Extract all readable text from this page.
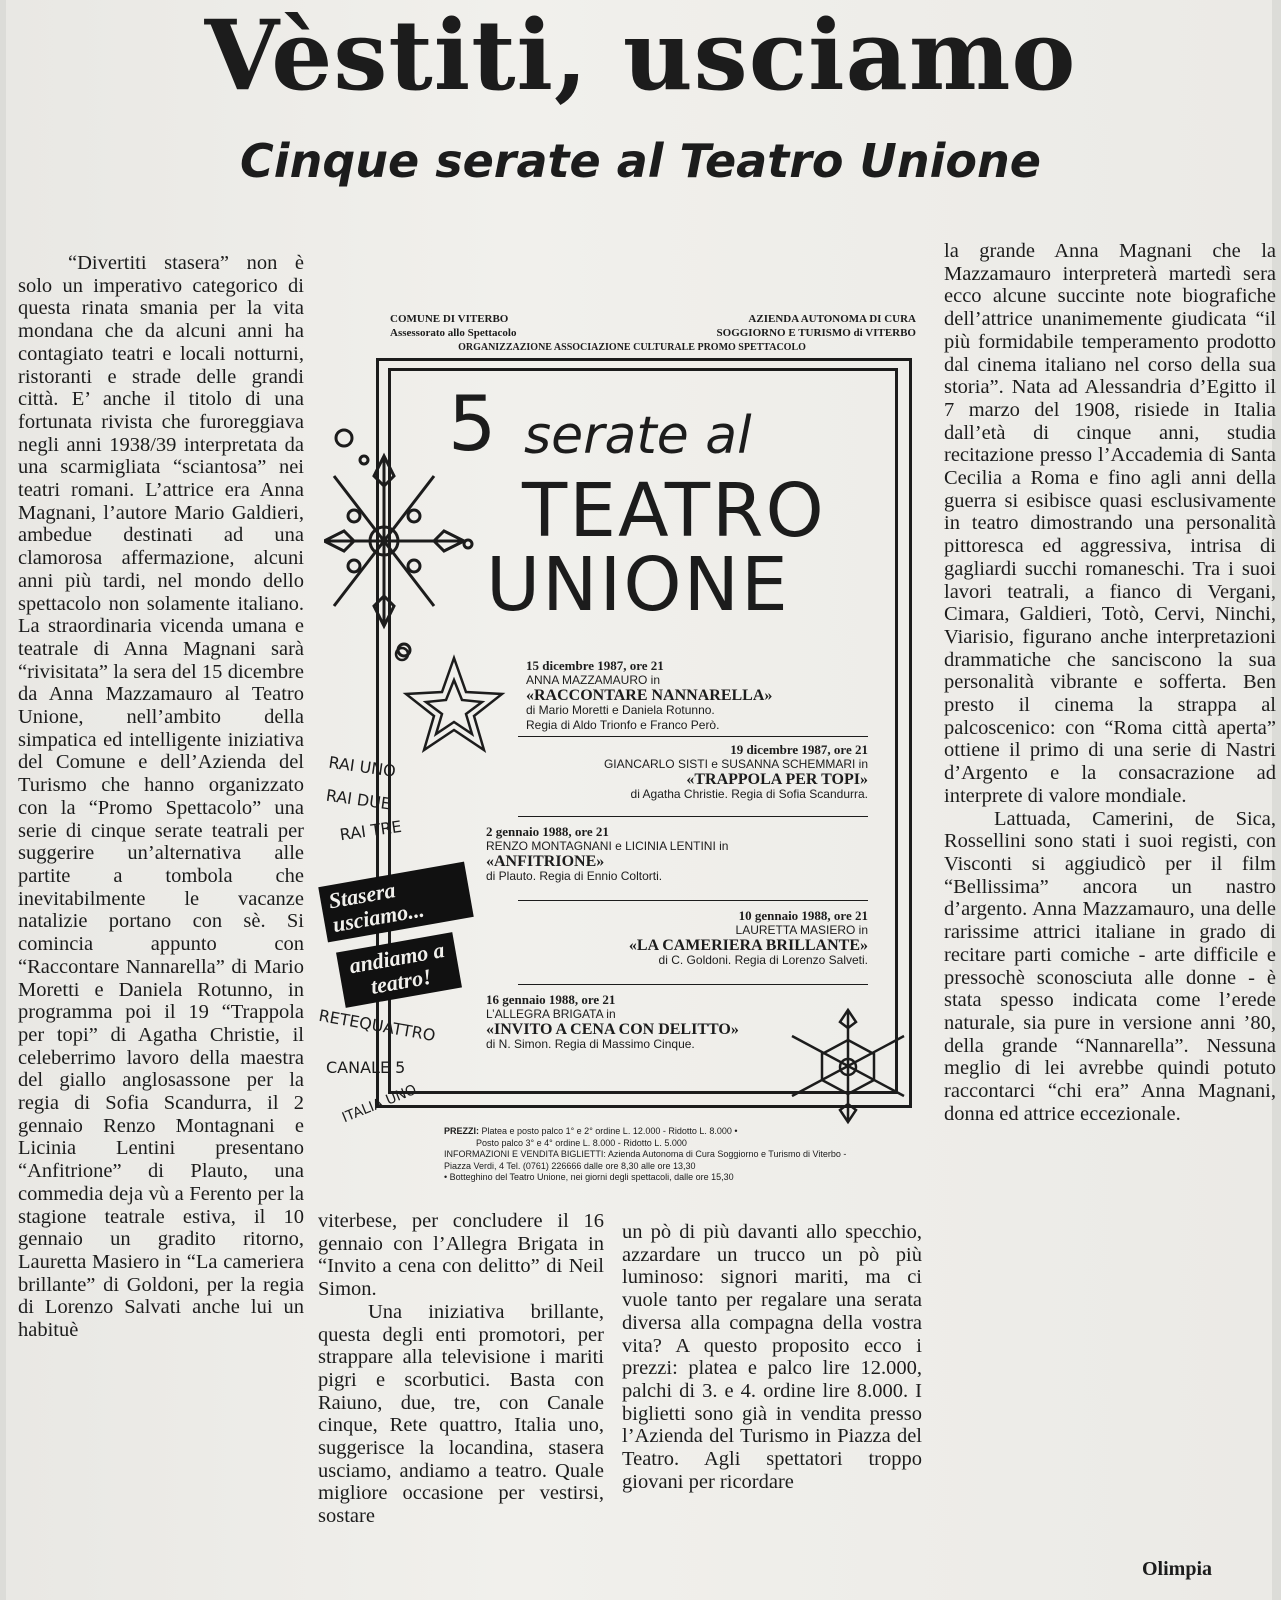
Vèstiti, usciamo
Cinque serate al Teatro Unione

“Divertiti stasera” non è solo un imperativo categorico di questa rinata smania per la vita mondana che da alcuni anni ha contagiato teatri e locali notturni, ristoranti e strade delle grandi città. E’ anche il titolo di una fortunata rivista che furoreggiava negli anni 1938/39 interpretata da una scarmigliata “sciantosa” nei teatri romani. L’attrice era Anna Magnani, l’autore Mario Galdieri, ambedue destinati ad una clamorosa affermazione, alcuni anni più tardi, nel mondo dello spettacolo non solamente italiano. La straordinaria vicenda umana e teatrale di Anna Magnani sarà “rivisitata” la sera del 15 dicembre da Anna Mazzamauro al Teatro Unione, nell’ambito della simpatica ed intelligente iniziativa del Comune e dell’Azienda del Turismo che hanno organizzato con la “Promo Spettacolo” una serie di cinque serate teatrali per suggerire un’alternativa alle partite a tombola che inevitabilmente le vacanze natalizie portano con sè. Si comincia appunto con “Raccontare Nannarella” di Mario Moretti e Daniela Rotunno, in programma poi il 19 “Trappola per topi” di Agatha Christie, il celeberrimo lavoro della maestra del giallo anglosassone per la regia di Sofia Scandurra, il 2 gennaio Renzo Montagnani e Licinia Lentini presentano “Anfitrione” di Plauto, una commedia deja vù a Ferento per la stagione teatrale estiva, il 10 gennaio un gradito ritorno, Lauretta Masiero in “La cameriera brillante” di Goldoni, per la regia di Lorenzo Salvati anche lui un habituè

viterbese, per concludere il 16 gennaio con l’Allegra Brigata in “Invito a cena con delitto” di Neil Simon.

Una iniziativa brillante, questa degli enti promotori, per strappare alla televisione i mariti pigri e scorbutici. Basta con Raiuno, due, tre, con Canale cinque, Rete quattro, Italia uno, suggerisce la locandina, stasera usciamo, andiamo a teatro. Quale migliore occasione per vestirsi, sostare

un pò di più davanti allo specchio, azzardare un trucco un pò più luminoso: signori mariti, ma ci vuole tanto per regalare una serata diversa alla compagna della vostra vita? A questo proposito ecco i prezzi: platea e palco lire 12.000, palchi di 3. e 4. ordine lire 8.000. I biglietti sono già in vendita presso l’Azienda del Turismo in Piazza del Teatro. Agli spettatori troppo giovani per ricordare

la grande Anna Magnani che la Mazzamauro interpreterà martedì sera ecco alcune succinte note biografiche dell’attrice unanimemente giudicata “il più formidabile temperamento prodotto dal cinema italiano nel corso della sua storia”. Nata ad Alessandria d’Egitto il 7 marzo del 1908, risiede in Italia dall’età di cinque anni, studia recitazione presso l’Accademia di Santa Cecilia a Roma e fino agli anni della guerra si esibisce quasi esclusivamente in teatro dimostrando una personalità pittoresca ed aggressiva, intrisa di gagliardi succhi romaneschi. Tra i suoi lavori teatrali, a fianco di Vergani, Cimara, Galdieri, Totò, Cervi, Ninchi, Viarisio, figurano anche interpretazioni drammatiche che sanciscono la sua personalità vibrante e sofferta. Ben presto il cinema la strappa al palcoscenico: con “Roma città aperta” ottiene il primo di una serie di Nastri d’Argento e la consacrazione ad interprete di valore mondiale.

Lattuada, Camerini, de Sica, Rossellini sono stati i suoi registi, con Visconti si aggiudicò per il film “Bellissima” ancora un nastro d’argento. Anna Mazzamauro, una delle rarissime attrici italiane in grado di recitare parti comiche - arte difficile e pressochè sconosciuta alle donne - è stata spesso indicata come l’erede naturale, sia pure in versione anni ’80, della grande “Nannarella”. Nessuna meglio di lei avrebbe quindi potuto raccontarci “chi era” Anna Magnani, donna ed attrice eccezionale.

Olimpia
COMUNE DI VITERBO
Assessorato allo Spettacolo
AZIENDA AUTONOMA DI CURA
SOGGIORNO E TURISMO di VITERBO
ORGANIZZAZIONE ASSOCIAZIONE CULTURALE PROMO SPETTACOLO
5 serate al
TEATRO
UNIONE
15 dicembre 1987, ore 21
ANNA MAZZAMAURO in
«RACCONTARE NANNARELLA»
di Mario Moretti e Daniela Rotunno.
Regia di Aldo Trionfo e Franco Però.
19 dicembre 1987, ore 21
GIANCARLO SISTI e SUSANNA SCHEMMARI in
«TRAPPOLA PER TOPI»
di Agatha Christie. Regia di Sofia Scandurra.
2 gennaio 1988, ore 21
RENZO MONTAGNANI e LICINIA LENTINI in
«ANFITRIONE»
di Plauto. Regia di Ennio Coltorti.
10 gennaio 1988, ore 21
LAURETTA MASIERO in
«LA CAMERIERA BRILLANTE»
di C. Goldoni. Regia di Lorenzo Salveti.
16 gennaio 1988, ore 21
L’ALLEGRA BRIGATA in
«INVITO A CENA CON DELITTO»
di N. Simon. Regia di Massimo Cinque.
RAI UNO
RAI DUE
RAI TRE
Stasera usciamo...
andiamo a teatro!
RETEQUATTRO
CANALE 5
ITALIA UNO
PREZZI: Platea e posto palco 1° e 2° ordine L. 12.000 - Ridotto L. 8.000 •
Posto palco 3° e 4° ordine L. 8.000 - Ridotto L. 5.000
INFORMAZIONI E VENDITA BIGLIETTI: Azienda Autonoma di Cura Soggiorno e Turismo di Viterbo - Piazza Verdi, 4 Tel. (0761) 226666 dalle ore 8,30 alle ore 13,30
• Botteghino del Teatro Unione, nei giorni degli spettacoli, dalle ore 15,30
